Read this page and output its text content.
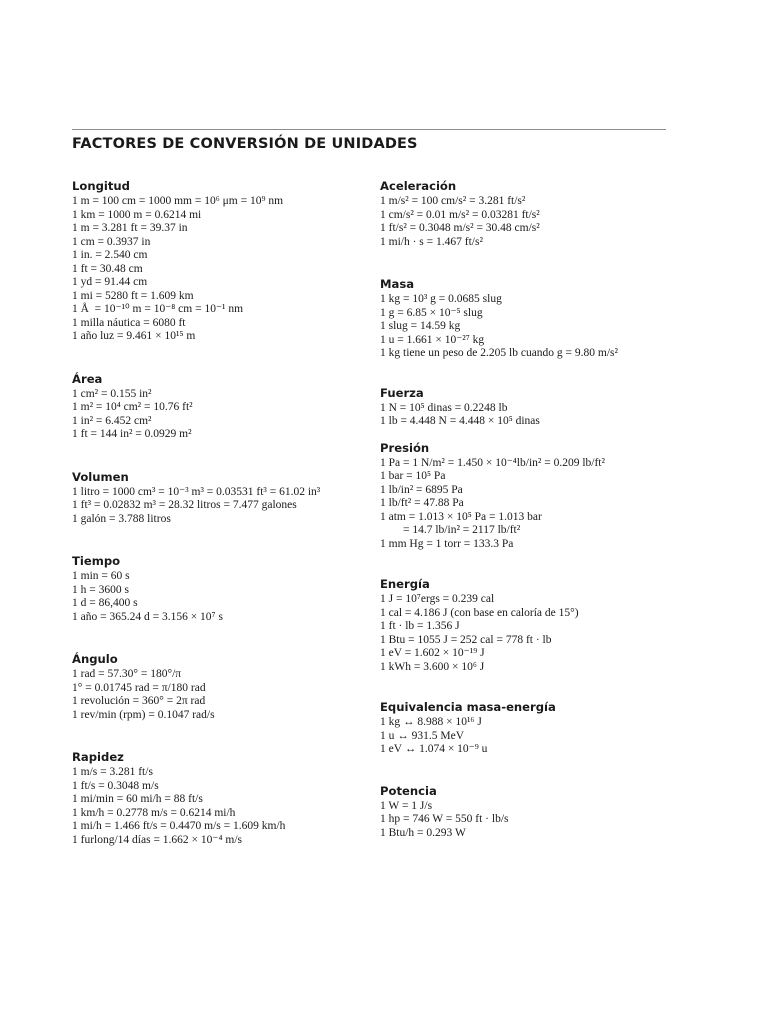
FACTORES DE CONVERSIÓN DE UNIDADES
Longitud
1 m = 100 cm = 1000 mm = 10⁶ μm = 10⁹ nm
1 km = 1000 m = 0.6214 mi
1 m = 3.281 ft = 39.37 in
1 cm = 0.3937 in
1 in. = 2.540 cm
1 ft = 30.48 cm
1 yd = 91.44 cm
1 mi = 5280 ft = 1.609 km
1 Å  = 10⁻¹⁰ m = 10⁻⁸ cm = 10⁻¹ nm
1 milla náutica = 6080 ft
1 año luz = 9.461 × 10¹⁵ m
Área
1 cm² = 0.155 in²
1 m² = 10⁴ cm² = 10.76 ft²
1 in² = 6.452 cm²
1 ft = 144 in² = 0.0929 m²
Volumen
1 litro = 1000 cm³ = 10⁻³ m³ = 0.03531 ft³ = 61.02 in³
1 ft³ = 0.02832 m³ = 28.32 litros = 7.477 galones
1 galón = 3.788 litros
Tiempo
1 min = 60 s
1 h = 3600 s
1 d = 86,400 s
1 año = 365.24 d = 3.156 × 10⁷ s
Ángulo
1 rad = 57.30° = 180°/π
1° = 0.01745 rad = π/180 rad
1 revolución = 360° = 2π rad
1 rev/min (rpm) = 0.1047 rad/s
Rapidez
1 m/s = 3.281 ft/s
1 ft/s = 0.3048 m/s
1 mi/min = 60 mi/h = 88 ft/s
1 km/h = 0.2778 m/s = 0.6214 mi/h
1 mi/h = 1.466 ft/s = 0.4470 m/s = 1.609 km/h
1 furlong/14 días = 1.662 × 10⁻⁴ m/s
Aceleración
1 m/s² = 100 cm/s² = 3.281 ft/s²
1 cm/s² = 0.01 m/s² = 0.03281 ft/s²
1 ft/s² = 0.3048 m/s² = 30.48 cm/s²
1 mi/h · s = 1.467 ft/s²
Masa
1 kg = 10³ g = 0.0685 slug
1 g = 6.85 × 10⁻⁵ slug
1 slug = 14.59 kg
1 u = 1.661 × 10⁻²⁷ kg
1 kg tiene un peso de 2.205 lb cuando g = 9.80 m/s²
Fuerza
1 N = 10⁵ dinas = 0.2248 lb
1 lb = 4.448 N = 4.448 × 10⁵ dinas
Presión
1 Pa = 1 N/m² = 1.450 × 10⁻⁴lb/in² = 0.209 lb/ft²
1 bar = 10⁵ Pa
1 lb/in² = 6895 Pa
1 lb/ft² = 47.88 Pa
1 atm = 1.013 × 10⁵ Pa = 1.013 bar
= 14.7 lb/in² = 2117 lb/ft²
1 mm Hg = 1 torr = 133.3 Pa
Energía
1 J = 10⁷ergs = 0.239 cal
1 cal = 4.186 J (con base en caloría de 15°)
1 ft · lb = 1.356 J
1 Btu = 1055 J = 252 cal = 778 ft · lb
1 eV = 1.602 × 10⁻¹⁹ J
1 kWh = 3.600 × 10⁶ J
Equivalencia masa-energía
1 kg ↔ 8.988 × 10¹⁶ J
1 u ↔ 931.5 MeV
1 eV ↔ 1.074 × 10⁻⁹ u
Potencia
1 W = 1 J/s
1 hp = 746 W = 550 ft · lb/s
1 Btu/h = 0.293 W
